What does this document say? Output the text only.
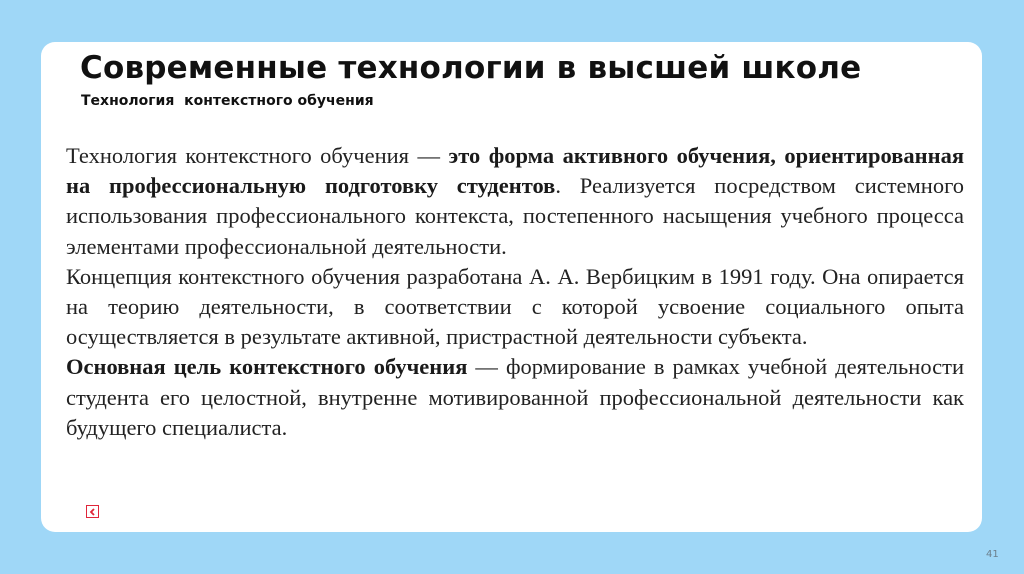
Современные технологии в высшей школе
Технология  контекстного обучения

Технология контекстного обучения — это форма активного обучения, ориентированная на профессиональную подготовку студентов. Реализуется посредством системного использования профессионального контекста, постепенного насыщения учебного процесса элементами профессиональной деятельности.

Концепция контекстного обучения разработана А. А. Вербицким в 1991 году. Она опирается на теорию деятельности, в соответствии с которой усвоение социального опыта осуществляется в результате активной, пристрастной деятельности субъекта.

Основная цель контекстного обучения — формирование в рамках учебной деятельности студента его целостной, внутренне мотивированной профессиональной деятельности как будущего специалиста.

41
